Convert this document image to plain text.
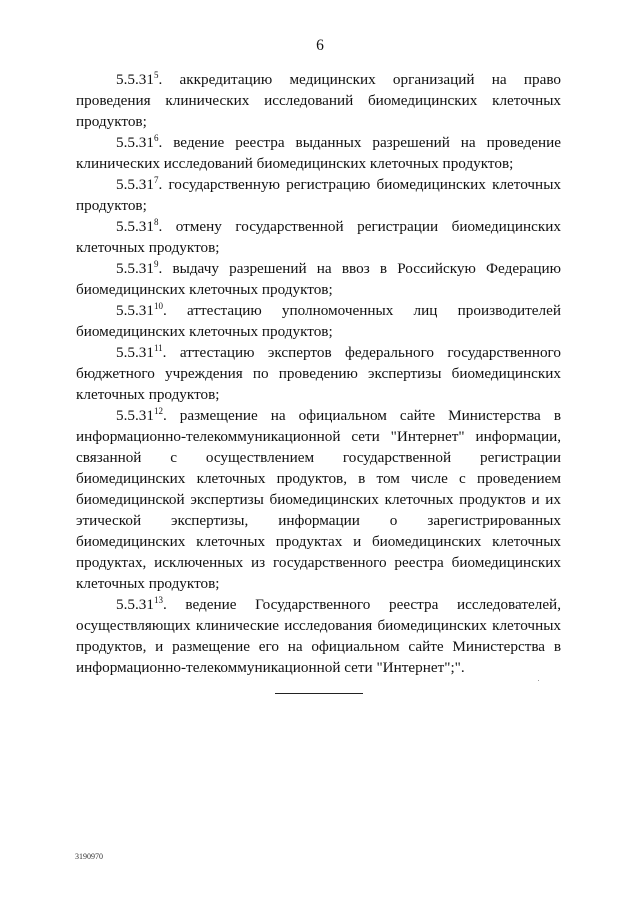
6

5.5.31$^5$. аккредитацию медицинских организаций на право проведения клинических исследований биомедицинских клеточных продуктов;

5.5.31$^6$. ведение реестра выданных разрешений на проведение клинических исследований биомедицинских клеточных продуктов;

5.5.31$^7$. государственную регистрацию биомедицинских клеточных продуктов;

5.5.31$^8$. отмену государственной регистрации биомедицинских клеточных продуктов;

5.5.31$^9$. выдачу разрешений на ввоз в Российскую Федерацию биомедицинских клеточных продуктов;

5.5.31$^{10}$. аттестацию уполномоченных лиц производителей биомедицинских клеточных продуктов;

5.5.31$^{11}$. аттестацию экспертов федерального государственного бюджетного учреждения по проведению экспертизы биомедицинских клеточных продуктов;

5.5.31$^{12}$. размещение на официальном сайте Министерства в информационно-телекоммуникационной сети "Интернет" информации, связанной с осуществлением государственной регистрации биомедицинских клеточных продуктов, в том числе с проведением биомедицинской экспертизы биомедицинских клеточных продуктов и их этической экспертизы, информации о зарегистрированных биомедицинских клеточных продуктах и биомедицинских клеточных продуктах, исключенных из государственного реестра биомедицинских клеточных продуктов;

5.5.31$^{13}$. ведение Государственного реестра исследователей, осуществляющих клинические исследования биомедицинских клеточных продуктов, и размещение его на официальном сайте Министерства в информационно-телекоммуникационной сети "Интернет";".

3190970
